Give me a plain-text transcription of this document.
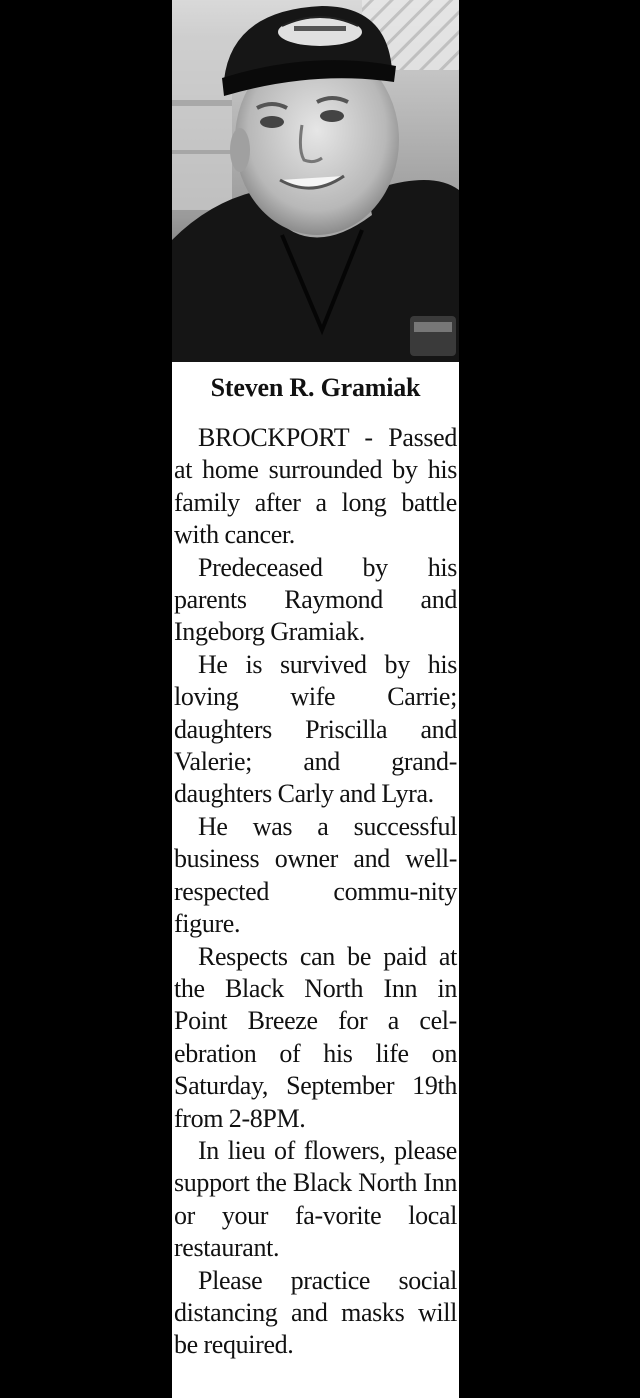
Steven R. Gramiak

BROCKPORT - Passed at home surrounded by his family after a long battle with cancer.

Predeceased by his parents Raymond and Ingeborg Gramiak.

He is survived by his loving wife Carrie; daughters Priscilla and Valerie; and grand-daughters Carly and Lyra.

He was a successful business owner and well-respected commu-nity figure.

Respects can be paid at the Black North Inn in Point Breeze for a cel-ebration of his life on Saturday, September 19th from 2-8PM.

In lieu of flowers, please support the Black North Inn or your fa-vorite local restaurant.

Please practice social distancing and masks will be required.
